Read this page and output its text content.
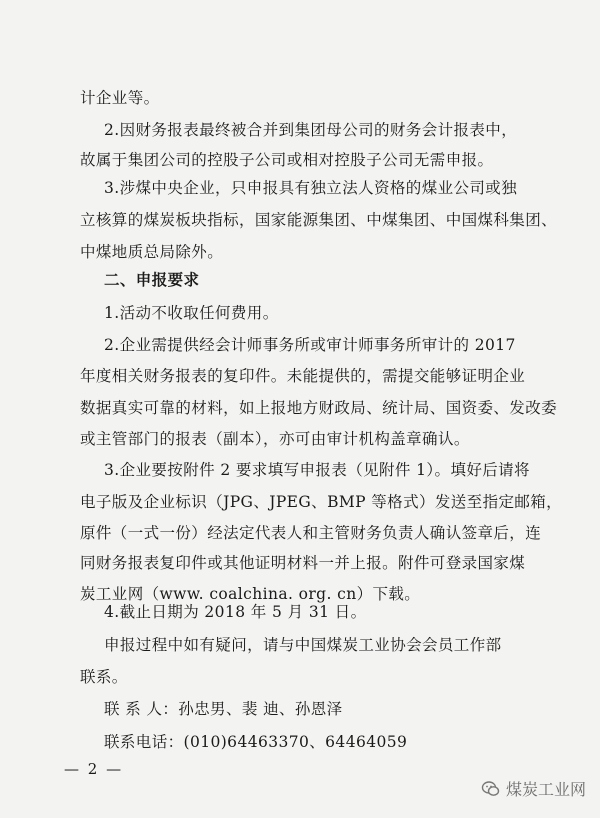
计企业等。
2.因财务报表最终被合并到集团母公司的财务会计报表中，
故属于集团公司的控股子公司或相对控股子公司无需申报。
3.涉煤中央企业，只申报具有独立法人资格的煤业公司或独
立核算的煤炭板块指标，国家能源集团、中煤集团、中国煤科集团、
中煤地质总局除外。
二、申报要求
1.活动不收取任何费用。
2.企业需提供经会计师事务所或审计师事务所审计的 2017
年度相关财务报表的复印件。未能提供的，需提交能够证明企业
数据真实可靠的材料，如上报地方财政局、统计局、国资委、发改委
或主管部门的报表（副本），亦可由审计机构盖章确认。
3.企业要按附件 2 要求填写申报表（见附件 1）。填好后请将
电子版及企业标识（JPG、JPEG、BMP 等格式）发送至指定邮箱，
原件（一式一份）经法定代表人和主管财务负责人确认签章后，连
同财务报表复印件或其他证明材料一并上报。附件可登录国家煤
炭工业网（www. coalchina. org. cn）下载。
4.截止日期为 2018 年 5 月 31 日。
申报过程中如有疑问，请与中国煤炭工业协会会员工作部
联系。
联 系 人：孙忠男、裴 迪、孙恩泽
联系电话：(010)64463370、64464059
煤炭工业网
— 2 —
